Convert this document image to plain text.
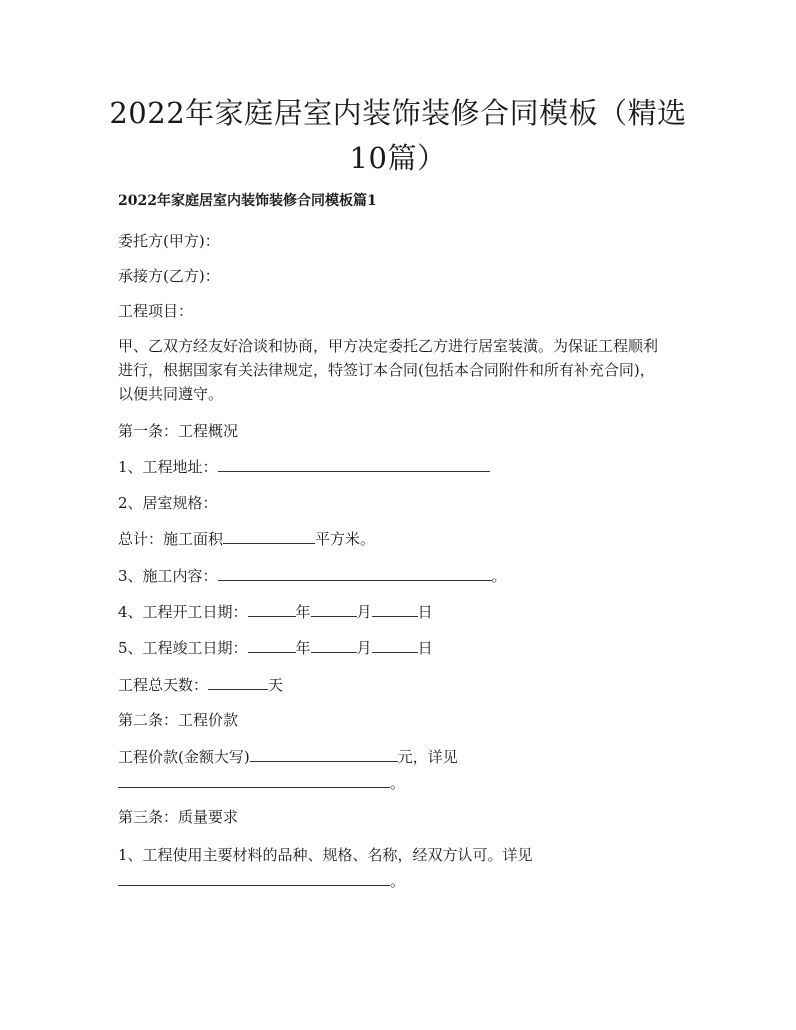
2022年家庭居室内装饰装修合同模板（精选
10篇）
2022年家庭居室内装饰装修合同模板篇1

委托方(甲方)：

承接方(乙方)：

工程项目：

甲、乙双方经友好洽谈和协商，甲方决定委托乙方进行居室装潢。为保证工程顺利
进行，根据国家有关法律规定，特签订本合同(包括本合同附件和所有补充合同)，
以便共同遵守。

第一条：工程概况

1、工程地址：

2、居室规格：

总计：施工面积	平方米。

3、施工内容：	。

4、工程开工日期：	年	月	日

5、工程竣工日期：	年	月	日

工程总天数：	天

第二条：工程价款

工程价款(金额大写)	元，详见

。

第三条：质量要求

1、工程使用主要材料的品种、规格、名称，经双方认可。详见

。
